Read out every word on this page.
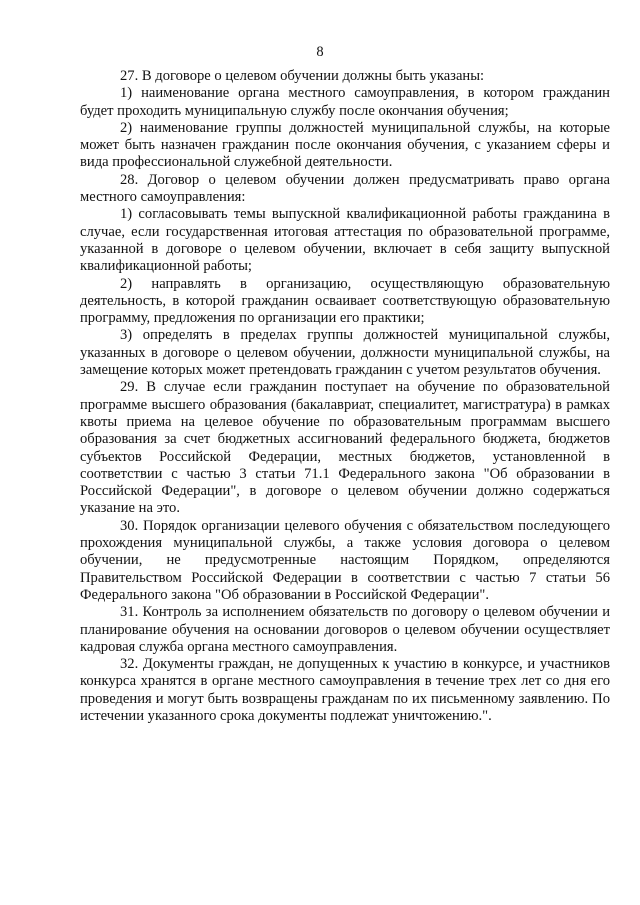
8

27. В договоре о целевом обучении должны быть указаны:

1) наименование органа местного самоуправления, в котором гражданин будет проходить муниципальную службу после окончания обучения;

2) наименование группы должностей муниципальной службы, на которые может быть назначен гражданин после окончания обучения, с указанием сферы и вида профессиональной служебной деятельности.

28. Договор о целевом обучении должен предусматривать право органа местного самоуправления:

1) согласовывать темы выпускной квалификационной работы гражданина в случае, если государственная итоговая аттестация по образовательной программе, указанной в договоре о целевом обучении, включает в себя защиту выпускной квалификационной работы;

2) направлять в организацию, осуществляющую образовательную деятельность, в которой гражданин осваивает соответствующую образовательную программу, предложения по организации его практики;

3) определять в пределах группы должностей муниципальной службы, указанных в договоре о целевом обучении, должности муниципальной службы, на замещение которых может претендовать гражданин с учетом результатов обучения.

29. В случае если гражданин поступает на обучение по образовательной программе высшего образования (бакалавриат, специалитет, магистратура) в рамках квоты приема на целевое обучение по образовательным программам высшего образования за счет бюджетных ассигнований федерального бюджета, бюджетов субъектов Российской Федерации, местных бюджетов, установленной в соответствии с частью 3 статьи 71.1 Федерального закона "Об образовании в Российской Федерации", в договоре о целевом обучении должно содержаться указание на это.

30. Порядок организации целевого обучения с обязательством последующего прохождения муниципальной службы, а также условия договора о целевом обучении, не предусмотренные настоящим Порядком, определяются Правительством Российской Федерации в соответствии с частью 7 статьи 56 Федерального закона "Об образовании в Российской Федерации".

31. Контроль за исполнением обязательств по договору о целевом обучении и планирование обучения на основании договоров о целевом обучении осуществляет кадровая служба органа местного самоуправления.

32. Документы граждан, не допущенных к участию в конкурсе, и участников конкурса хранятся в органе местного самоуправления в течение трех лет со дня его проведения и могут быть возвращены гражданам по их письменному заявлению. По истечении указанного срока документы подлежат уничтожению.".
